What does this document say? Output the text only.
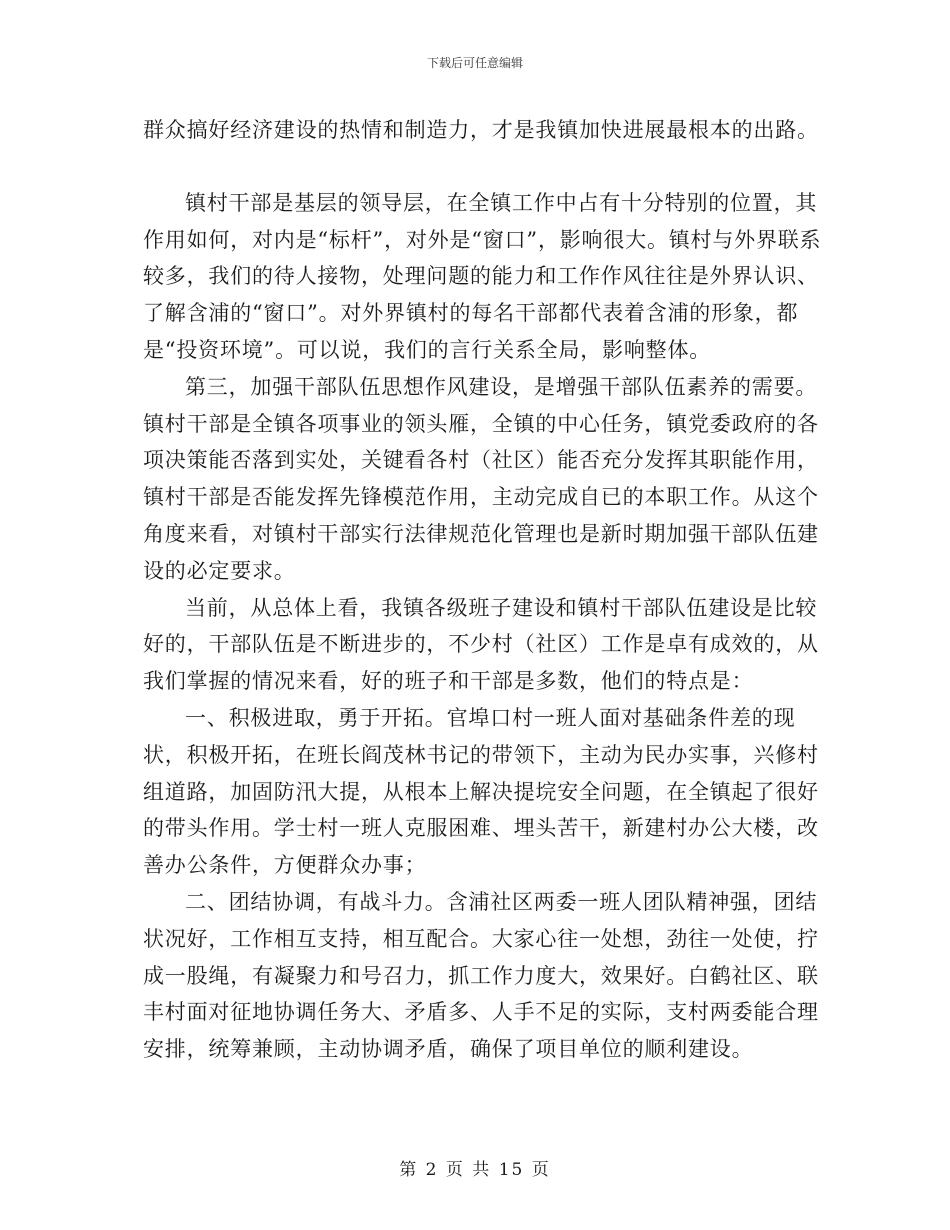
下载后可任意编辑

群众搞好经济建设的热情和制造力，才是我镇加快进展最根本的出路。

镇村干部是基层的领导层，在全镇工作中占有十分特别的位置，其作用如何，对内是“标杆”，对外是“窗口”，影响很大。镇村与外界联系较多，我们的待人接物，处理问题的能力和工作作风往往是外界认识、了解含浦的“窗口”。对外界镇村的每名干部都代表着含浦的形象，都是“投资环境”。可以说，我们的言行关系全局，影响整体。

第三，加强干部队伍思想作风建设，是增强干部队伍素养的需要。镇村干部是全镇各项事业的领头雁，全镇的中心任务，镇党委政府的各项决策能否落到实处，关键看各村（社区）能否充分发挥其职能作用，镇村干部是否能发挥先锋模范作用，主动完成自已的本职工作。从这个角度来看，对镇村干部实行法律规范化管理也是新时期加强干部队伍建设的必定要求。

当前，从总体上看，我镇各级班子建设和镇村干部队伍建设是比较好的，干部队伍是不断进步的，不少村（社区）工作是卓有成效的，从我们掌握的情况来看，好的班子和干部是多数，他们的特点是：

一、积极进取，勇于开拓。官埠口村一班人面对基础条件差的现状，积极开拓，在班长阎茂林书记的带领下，主动为民办实事，兴修村组道路，加固防汛大提，从根本上解决提垸安全问题，在全镇起了很好的带头作用。学士村一班人克服困难、埋头苦干，新建村办公大楼，改善办公条件，方便群众办事；

二、团结协调，有战斗力。含浦社区两委一班人团队精神强，团结状况好，工作相互支持，相互配合。大家心往一处想，劲往一处使，拧成一股绳，有凝聚力和号召力，抓工作力度大，效果好。白鹤社区、联丰村面对征地协调任务大、矛盾多、人手不足的实际，支村两委能合理安排，统筹兼顾，主动协调矛盾，确保了项目单位的顺利建设。

第 2 页 共 15 页
